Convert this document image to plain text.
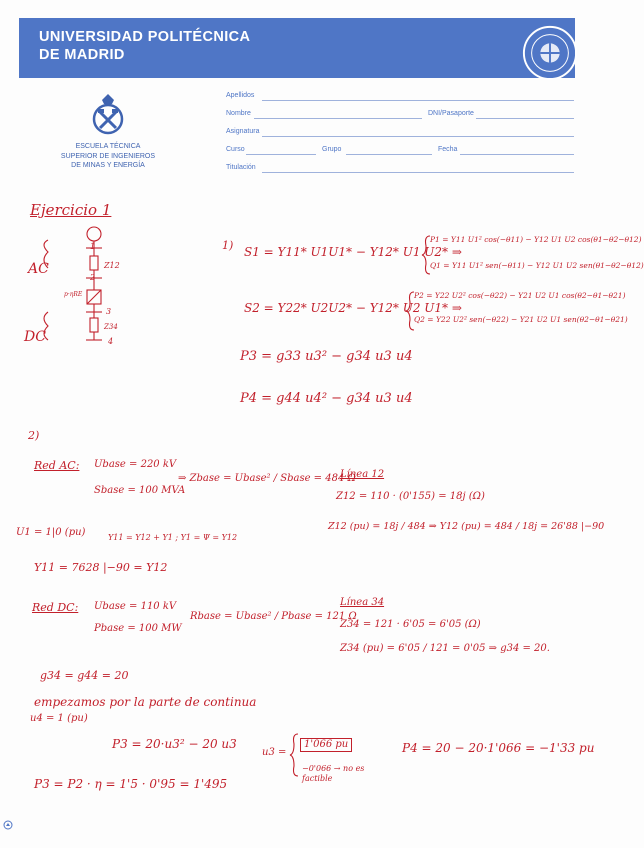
UNIVERSIDAD POLITÉCNICA
DE MADRID
ESCUELA TÉCNICA
SUPERIOR DE INGENIEROS
DE MINAS Y ENERGÍA
Apellidos
Nombre	DNI/Pasaporte
Asignatura
Curso	Grupo	Fecha
Titulación
Ejercicio 1
1
Z12
2
p·ηRE
3
Z34
4
AC
DC
1) S1 = Y11* U1U1* − Y12* U1 U2* ⇒
P1 = Y11 U1² cos(−θ11) − Y12 U1 U2 cos(θ1−θ2−θ12)
Q1 = Y11 U1² sen(−θ11) − Y12 U1 U2 sen(θ1−θ2−θ12)
S2 = Y22* U2U2* − Y12* U2 U1* ⇒
P2 = Y22 U2² cos(−θ22) − Y21 U2 U1 cos(θ2−θ1−θ21)
Q2 = Y22 U2² sen(−θ22) − Y21 U2 U1 sen(θ2−θ1−θ21)
P3 = g33 u3² − g34 u3 u4
P4 = g44 u4² − g34 u3 u4
2)
Red AC: Ubase = 220 kV
Sbase = 100 MVA
⇒ Zbase = Ubase² / Sbase = 484 Ω
Línea 12
Z12 = 110 · (0'155) = 18j (Ω)
Z12 (pu) = 18j / 484 ⇒ Y12 (pu) = 484 / 18j = 26'88 |−90
U1 = 1|0 (pu)	Y11 = Y12 + Y1 ; Y1 = Ψ = Y12
Y11 = 7628 |−90 = Y12
Red DC: Ubase = 110 kV
Pbase = 100 MW
Rbase = Ubase² / Pbase = 121 Ω
Línea 34
Z34 = 121 · 6'05 = 6'05 (Ω)
Z34 (pu) = 6'05 / 121 = 0'05 ⇒ g34 = 20.
g34 = g44 = 20
empezamos por la parte de continua
u4 = 1 (pu)
P3 = 20·u3² − 20 u3
u3 =
1'066 pu
−0'066 → no es factible
P4 = 20 − 20·1'066 = −1'33 pu
P3 = P2 · η = 1'5 · 0'95 = 1'495
